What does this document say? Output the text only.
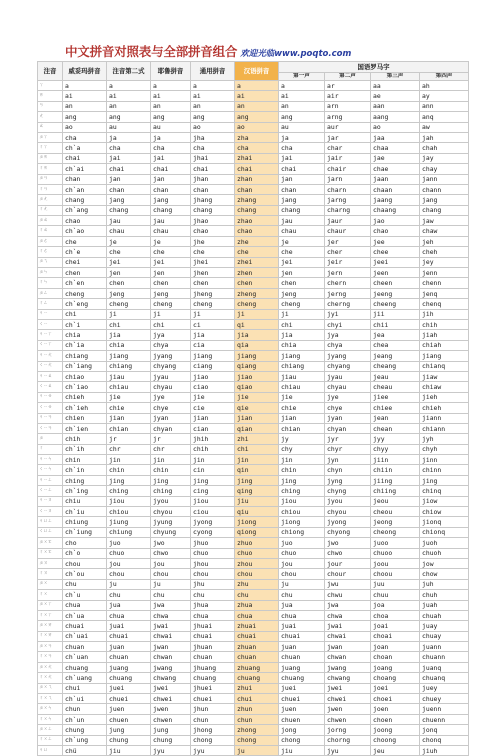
中文拼音对照表与全部拼音组合 欢迎光临www.poqto.com
注音	威妥玛拼音	注音第二式	耶鲁拼音	通用拼音	汉语拼音	国语罗马字			
						第一声	第二声	第三声	第四声
ㄚ	a	a	a	a	a	a	ar	aa	ah
ㄞ	ai	ai	ai	ai	ai	ai	air	ae	ay
ㄢ	an	an	an	an	an	an	arn	aan	ann
ㄤ	ang	ang	ang	ang	ang	ang	arng	aang	anq
ㄠ	ao	au	au	ao	ao	au	aur	ao	aw
ㄓㄚ	cha	ja	ja	jha	zha	ja	jar	jaa	jah
ㄔㄚ	ch`a	cha	cha	cha	cha	cha	char	chaa	chah
ㄓㄞ	chai	jai	jai	jhai	zhai	jai	jair	jae	jay
ㄔㄞ	ch`ai	chai	chai	chai	chai	chai	chair	chae	chay
ㄓㄢ	chan	jan	jan	jhan	zhan	jan	jarn	jaan	jann
ㄔㄢ	ch`an	chan	chan	chan	chan	chan	charn	chaan	chann
ㄓㄤ	chang	jang	jang	jhang	zhang	jang	jarng	jaang	jang
ㄔㄤ	ch`ang	chang	chang	chang	chang	chang	charng	chaang	chang
ㄓㄠ	chao	jau	jau	jhao	zhao	jau	jaur	jao	jaw
ㄔㄠ	ch`ao	chau	chau	chao	chao	chau	chaur	chao	chaw
ㄓㄜ	che	je	je	jhe	zhe	je	jer	jee	jeh
ㄔㄜ	ch`e	che	che	che	che	che	cher	chee	cheh
ㄓㄟ	chei	jei	jei	jhei	zhei	jei	jeir	jeei	jey
ㄓㄣ	chen	jen	jen	jhen	zhen	jen	jern	jeen	jenn
ㄔㄣ	ch`en	chen	chen	chen	chen	chen	chern	cheen	chenn
ㄓㄥ	cheng	jeng	jeng	jheng	zheng	jeng	jerng	jeeng	jenq
ㄔㄥ	ch`eng	cheng	cheng	cheng	cheng	cheng	cherng	cheeng	chenq
ㄐㄧ	chi	ji	ji	ji	ji	ji	jyi	jii	jih
ㄑㄧ	ch`i	chi	chi	ci	qi	chi	chyi	chii	chih
ㄐㄧㄚ	chia	jia	jya	jia	jia	jia	jya	jea	jiah
ㄑㄧㄚ	ch`ia	chia	chya	cia	qia	chia	chya	chea	chiah
ㄐㄧㄤ	chiang	jiang	jyang	jiang	jiang	jiang	jyang	jeang	jiang
ㄑㄧㄤ	ch`iang	chiang	chyang	ciang	qiang	chiang	chyang	cheang	chianq
ㄐㄧㄠ	chiao	jiau	jyau	jiao	jiao	jiau	jyau	jeau	jiaw
ㄑㄧㄠ	ch`iao	chiau	chyau	ciao	qiao	chiau	chyau	cheau	chiaw
ㄐㄧㄝ	chieh	jie	jye	jie	jie	jie	jye	jiee	jieh
ㄑㄧㄝ	ch`ieh	chie	chye	cie	qie	chie	chye	chiee	chieh
ㄐㄧㄢ	chien	jian	jyan	jian	jian	jian	jyan	jean	jiann
ㄑㄧㄢ	ch`ien	chian	chyan	cian	qian	chian	chyan	chean	chiann
ㄓ	chih	jr	jr	jhih	zhi	jy	jyr	jyy	jyh
ㄔ	ch`ih	chr	chr	chih	chi	chy	chyr	chyy	chyh
ㄐㄧㄣ	chin	jin	jin	jin	jin	jin	jyn	jiin	jinn
ㄑㄧㄣ	ch`in	chin	chin	cin	qin	chin	chyn	chiin	chinn
ㄐㄧㄥ	ching	jing	jing	jing	jing	jing	jyng	jiing	jing
ㄑㄧㄥ	ch`ing	ching	ching	cing	qing	ching	chyng	chiing	chinq
ㄐㄧㄡ	chiu	jiou	jyou	jiou	jiu	jiou	jyou	jeou	jiow
ㄑㄧㄡ	ch`iu	chiou	chyou	ciou	qiu	chiou	chyou	cheou	chiow
ㄐㄩㄥ	chiung	jiung	jyung	jyong	jiong	jiong	jyong	jeong	jionq
ㄑㄩㄥ	ch`iung	chiung	chyung	cyong	qiong	chiong	chyong	cheong	chionq
ㄓㄨㄛ	cho	juo	jwo	jhuo	zhuo	juo	jwo	juoo	juoh
ㄔㄨㄛ	ch`o	chuo	chwo	chuo	chuo	chuo	chwo	chuoo	chuoh
ㄓㄡ	chou	jou	jou	jhou	zhou	jou	jour	joou	jow
ㄔㄡ	ch`ou	chou	chou	chou	chou	chou	chour	choou	chow
ㄓㄨ	chu	ju	ju	jhu	zhu	ju	jwu	juu	juh
ㄔㄨ	ch`u	chu	chu	chu	chu	chu	chwu	chuu	chuh
ㄓㄨㄚ	chua	jua	jwa	jhua	zhua	jua	jwa	joa	juah
ㄔㄨㄚ	ch`ua	chua	chwa	chua	chua	chua	chwa	choa	chuah
ㄓㄨㄞ	chuai	juai	jwai	jhuai	zhuai	juai	jwai	joai	juay
ㄔㄨㄞ	ch`uai	chuai	chwai	chuai	chuai	chuai	chwai	choai	chuay
ㄓㄨㄢ	chuan	juan	jwan	jhuan	zhuan	juan	jwan	joan	juann
ㄔㄨㄢ	ch`uan	chuan	chwan	chuan	chuan	chuan	chwan	choan	chuann
ㄓㄨㄤ	chuang	juang	jwang	jhuang	zhuang	juang	jwang	joang	juanq
ㄔㄨㄤ	ch`uang	chuang	chwang	chuang	chuang	chuang	chwang	choang	chuanq
ㄓㄨㄟ	chui	juei	jwei	jhuei	zhui	juei	jwei	joei	juey
ㄔㄨㄟ	ch`ui	chuei	chwei	chuei	chui	chuei	chwei	choei	chuey
ㄓㄨㄣ	chun	juen	jwen	jhun	zhun	juen	jwen	joen	juenn
ㄔㄨㄣ	ch`un	chuen	chwen	chun	chun	chuen	chwen	choen	chuenn
ㄓㄨㄥ	chung	jung	jung	jhong	zhong	jong	jorng	joong	jonq
ㄔㄨㄥ	ch`ung	chung	chung	chong	chong	chong	chorng	choong	chonq
ㄐㄩ	chü	jiu	jyu	jyu	ju	jiu	jyu	jeu	jiuh
